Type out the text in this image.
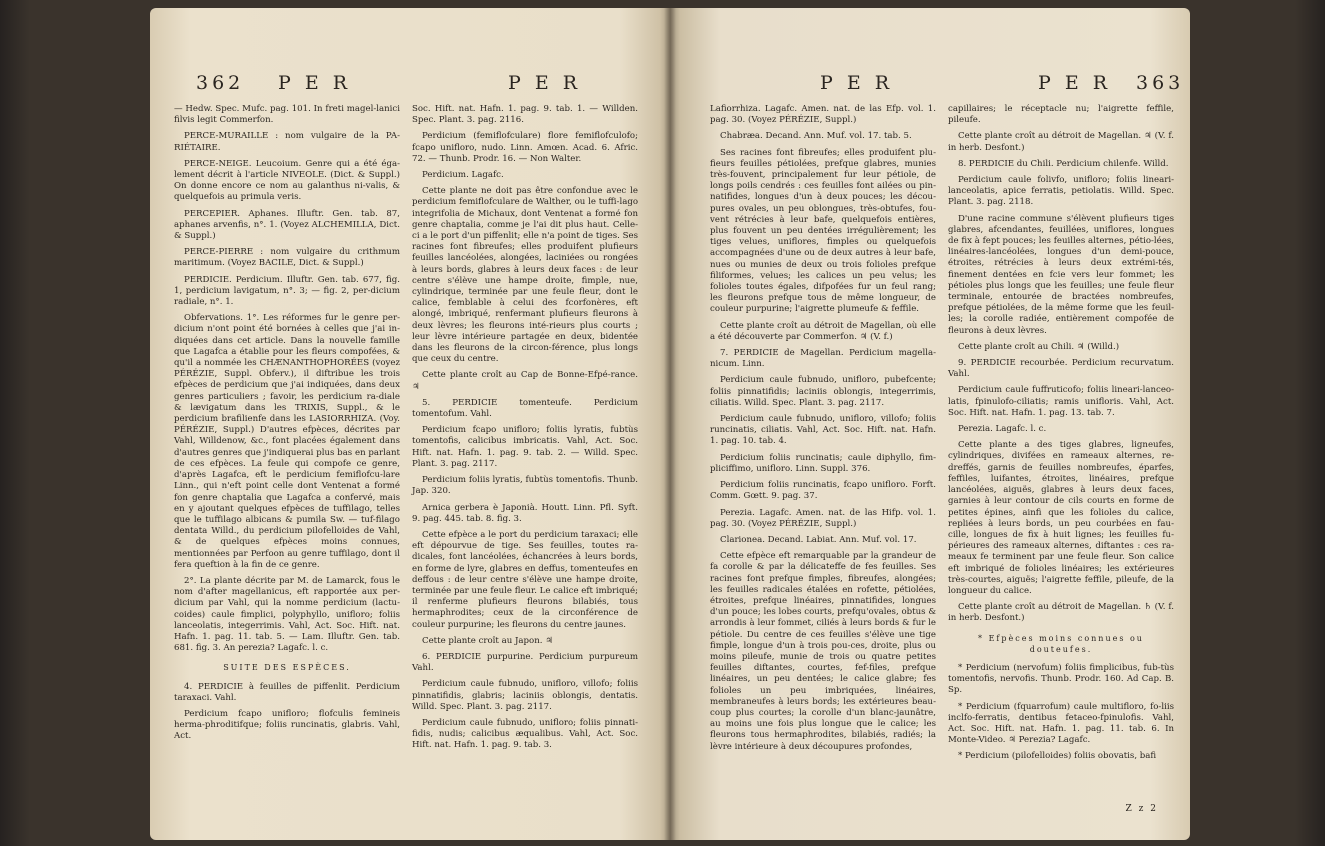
362 P E R	P E R

— Hedw. Spec. Mufc. pag. 101. In freti magel-lanici filvis legit Commerfon.

PERCE-MURAILLE : nom vulgaire de la PA-RIÉTAIRE.

PERCE-NEIGE. Leucoium. Genre qui a été éga-lement décrit à l'article NIVEOLE. (Dict. & Suppl.) On donne encore ce nom au galanthus ni-valis, & quelquefois au primula veris.

PERCEPIER. Aphanes. Illuftr. Gen. tab. 87, aphanes arvenfis, n°. 1. (Voyez ALCHEMILLA, Dict. & Suppl.)

PERCE-PIERRE : nom vulgaire du crithmum maritimum. (Voyez BACILE, Dict. & Suppl.)

PERDICIE. Perdicium. Illuftr. Gen. tab. 677, fig. 1, perdicium lavigatum, n°. 3; — fig. 2, per-dicium radiale, n°. 1.

Obfervations. 1°. Les réformes fur le genre per-dicium n'ont point été bornées à celles que j'ai in-diquées dans cet article. Dans la nouvelle famille que Lagafca a établie pour les fleurs compofées, & qu'il a nommée les CHÆNANTHOPHORÉES (voyez PÉRÉZIE, Suppl. Obferv.), il diftribue les trois efpèces de perdicium que j'ai indiquées, dans deux genres particuliers ; favoir, les perdicium ra-diale & lævigatum dans les TRIXIS, Suppl., & le perdicium brafilienfe dans les LASIORRHIZA. (Voy. PÉRÉZIE, Suppl.) D'autres efpèces, décrites par Vahl, Willdenow, &c., font placées également dans d'autres genres que j'indiquerai plus bas en parlant de ces efpèces. La feule qui compofe ce genre, d'après Lagafca, eft le perdicium femiflofcu-lare Linn., qui n'eft point celle dont Ventenat a formé fon genre chaptalia que Lagafca a confervé, mais en y ajoutant quelques efpèces de tuffilago, telles que le tuffilago albicans & pumila Sw. — tuf-filago dentata Willd., du perdicium pilofelloides de Vahl, & de quelques efpèces moins connues, mentionnées par Perfoon au genre tuffilago, dont il fera queftion à la fin de ce genre.

2°. La plante décrite par M. de Lamarck, fous le nom d'after magellanicus, eft rapportée aux per-dicium par Vahl, qui la nomme perdicium (lactu-coides) caule fimplici, polyphyllo, unifloro; foliis lanceolatis, integerrimis. Vahl, Act. Soc. Hift. nat. Hafn. 1. pag. 11. tab. 5. — Lam. Illuftr. Gen. tab. 681. fig. 3. An perezia? Lagafc. l. c.

SUITE DES ESPÈCES.

4. PERDICIE à feuilles de piffenlit. Perdicium taraxaci. Vahl.

Perdicium fcapo unifloro; flofculis femineis herma-phroditifque; foliis runcinatis, glabris. Vahl, Act.

Soc. Hift. nat. Hafn. 1. pag. 9. tab. 1. — Willden. Spec. Plant. 3. pag. 2116.

Perdicium (femiflofculare) flore femiflofculofo; fcapo unifloro, nudo. Linn. Amœn. Acad. 6. Afric. 72. — Thunb. Prodr. 16. — Non Walter.

Perdicium. Lagafc.

Cette plante ne doit pas être confondue avec le perdicium femiflofculare de Walther, ou le tuffi-lago integrifolia de Michaux, dont Ventenat a formé fon genre chaptalia, comme je l'ai dit plus haut. Celle-ci a le port d'un piffenlit; elle n'a point de tiges. Ses racines font fibreufes; elles produifent plufieurs feuilles lancéolées, alongées, laciniées ou rongées à leurs bords, glabres à leurs deux faces : de leur centre s'élève une hampe droite, fimple, nue, cylindrique, terminée par une feule fleur, dont le calice, femblable à celui des fcorfonères, eft alongé, imbriqué, renfermant plufieurs fleurons à deux lèvres; les fleurons inté-rieurs plus courts ; leur lèvre intérieure partagée en deux, bidentée dans les fleurons de la circon-férence, plus longs que ceux du centre.

Cette plante croît au Cap de Bonne-Efpé-rance. ♃

5. PERDICIE tomenteufe. Perdicium tomentofum. Vahl.

Perdicium fcapo unifloro; foliis lyratis, fubtùs tomentofis, calicibus imbricatis. Vahl, Act. Soc. Hift. nat. Hafn. 1. pag. 9. tab. 2. — Willd. Spec. Plant. 3. pag. 2117.

Perdicium foliis lyratis, fubtùs tomentofis. Thunb. Jap. 320.

Arnica gerbera è Japonià. Houtt. Linn. Pfl. Syft. 9. pag. 445. tab. 8. fig. 3.

Cette efpèce a le port du perdicium taraxaci; elle eft dépourvue de tige. Ses feuilles, toutes ra-dicales, font lancéolées, échancrées à leurs bords, en forme de lyre, glabres en deffus, tomenteufes en deffous : de leur centre s'élève une hampe droite, terminée par une feule fleur. Le calice eft imbriqué; il renferme plufieurs fleurons bilabiés, tous hermaphrodites; ceux de la circonférence de couleur purpurine; les fleurons du centre jaunes.

Cette plante croît au Japon. ♃

6. PERDICIE purpurine. Perdicium purpureum Vahl.

Perdicium caule fubnudo, unifloro, villofo; foliis pinnatifidis, glabris; laciniis oblongis, dentatis. Willd. Spec. Plant. 3. pag. 2117.

Perdicium caule fubnudo, unifloro; foliis pinnati-fidis, nudis; calicibus æqualibus. Vahl, Act. Soc. Hift. nat. Hafn. 1. pag. 9. tab. 3.

P E R	P E R 363

Lafiorrhiza. Lagafc. Amen. nat. de las Efp. vol. 1. pag. 30. (Voyez PÉRÉZIE, Suppl.)

Chabræa. Decand. Ann. Muf. vol. 17. tab. 5.

Ses racines font fibreufes; elles produifent plu-fieurs feuilles pétiolées, prefque glabres, munies très-fouvent, principalement fur leur pétiole, de longs poils cendrés : ces feuilles font ailées ou pin-natifides, longues d'un à deux pouces; les décou-pures ovales, un peu oblongues, très-obtufes, fou-vent rétrécies à leur bafe, quelquefois entières, plus fouvent un peu dentées irrégulièrement; les tiges velues, uniflores, fimples ou quelquefois accompagnées d'une ou de deux autres à leur bafe, nues ou munies de deux ou trois folioles prefque filiformes, velues; les calices un peu velus; les folioles toutes égales, difpofées fur un feul rang; les fleurons prefque tous de même longueur, de couleur purpurine; l'aigrette plumeufe & feffile.

Cette plante croît au détroit de Magellan, où elle a été découverte par Commerfon. ♃ (V. f.)

7. PERDICIE de Magellan. Perdicium magella-nicum. Linn.

Perdicium caule fubnudo, unifloro, pubefcente; foliis pinnatifidis; laciniis oblongis, integerrimis, ciliatis. Willd. Spec. Plant. 3. pag. 2117.

Perdicium caule fubnudo, unifloro, villofo; foliis runcinatis, ciliatis. Vahl, Act. Soc. Hift. nat. Hafn. 1. pag. 10. tab. 4.

Perdicium foliis runcinatis; caule diphyllo, fim-pliciffimo, unifloro. Linn. Suppl. 376.

Perdicium foliis runcinatis, fcapo unifloro. Forft. Comm. Gœtt. 9. pag. 37.

Perezia. Lagafc. Amen. nat. de las Hifp. vol. 1. pag. 30. (Voyez PÉRÉZIE, Suppl.)

Clarionea. Decand. Labiat. Ann. Muf. vol. 17.

Cette efpèce eft remarquable par la grandeur de fa corolle & par la délicateffe de fes feuilles. Ses racines font prefque fimples, fibreufes, alongées; les feuilles radicales étalées en rofette, pétiolées, étroites, prefque linéaires, pinnatifides, longues d'un pouce; les lobes courts, prefqu'ovales, obtus & arrondis à leur fommet, ciliés à leurs bords & fur le pétiole. Du centre de ces feuilles s'élève une tige fimple, longue d'un à trois pou-ces, droite, plus ou moins pileufe, munie de trois ou quatre petites feuilles diftantes, courtes, fef-files, prefque linéaires, un peu dentées; le calice glabre; fes folioles un peu imbriquées, linéaires, membraneufes à leurs bords; les extérieures beau-coup plus courtes; la corolle d'un blanc-jaunâtre, au moins une fois plus longue que le calice; les fleurons tous hermaphrodites, bilabiés, radiés; la lèvre intérieure à deux découpures profondes,

capillaires; le réceptacle nu; l'aigrette feffile, pileufe.

Cette plante croît au détroit de Magellan. ♃ (V. f. in herb. Desfont.)

8. PERDICIE du Chili. Perdicium chilenfe. Willd.

Perdicium caule folivfo, unifloro; foliis lineari-lanceolatis, apice ferratis, petiolatis. Willd. Spec. Plant. 3. pag. 2118.

D'une racine commune s'élèvent plufieurs tiges glabres, afcendantes, feuillées, uniflores, longues de fix à fept pouces; les feuilles alternes, pétio-lées, linéaires-lancéolées, longues d'un demi-pouce, étroites, rétrécies à leurs deux extrémi-tés, finement dentées en fcie vers leur fommet; les pétioles plus longs que les feuilles; une feule fleur terminale, entourée de bractées nombreufes, prefque pétiolées, de la même forme que les feuil-les; la corolle radiée, entièrement compofée de fleurons à deux lèvres.

Cette plante croît au Chili. ♃ (Willd.)

9. PERDICIE recourbée. Perdicium recurvatum. Vahl.

Perdicium caule fuffruticofo; foliis lineari-lanceo-latis, fpinulofo-ciliatis; ramis unifloris. Vahl, Act. Soc. Hift. nat. Hafn. 1. pag. 13. tab. 7.

Perezia. Lagafc. l. c.

Cette plante a des tiges glabres, ligneufes, cylindriques, divifées en rameaux alternes, re-dreffés, garnis de feuilles nombreufes, éparfes, feffiles, luifantes, étroites, linéaires, prefque lancéolées, aiguës, glabres à leurs deux faces, garnies à leur contour de cils courts en forme de petites épines, ainfi que les folioles du calice, repliées à leurs bords, un peu courbées en fau-cille, longues de fix à huit lignes; les feuilles fu-périeures des rameaux alternes, diftantes : ces ra-meaux fe terminent par une feule fleur. Son calice eft imbriqué de folioles linéaires; les extérieures très-courtes, aiguës; l'aigrette feffile, pileufe, de la longueur du calice.

Cette plante croît au détroit de Magellan. ♄ (V. f. in herb. Desfont.)

* Efpèces moins connues ou douteufes.

* Perdicium (nervofum) foliis fimplicibus, fub-tùs tomentofis, nervofis. Thunb. Prodr. 160. Ad Cap. B. Sp.

* Perdicium (fquarrofum) caule multifloro, fo-liis inclfo-ferratis, dentibus fetaceo-fpinulofis. Vahl, Act. Soc. Hift. nat. Hafn. 1. pag. 11. tab. 6. In Monte-Video. ♃ Perezia? Lagafc.

* Perdicium (pilofelloides) foliis obovatis, bafi

Z z 2
